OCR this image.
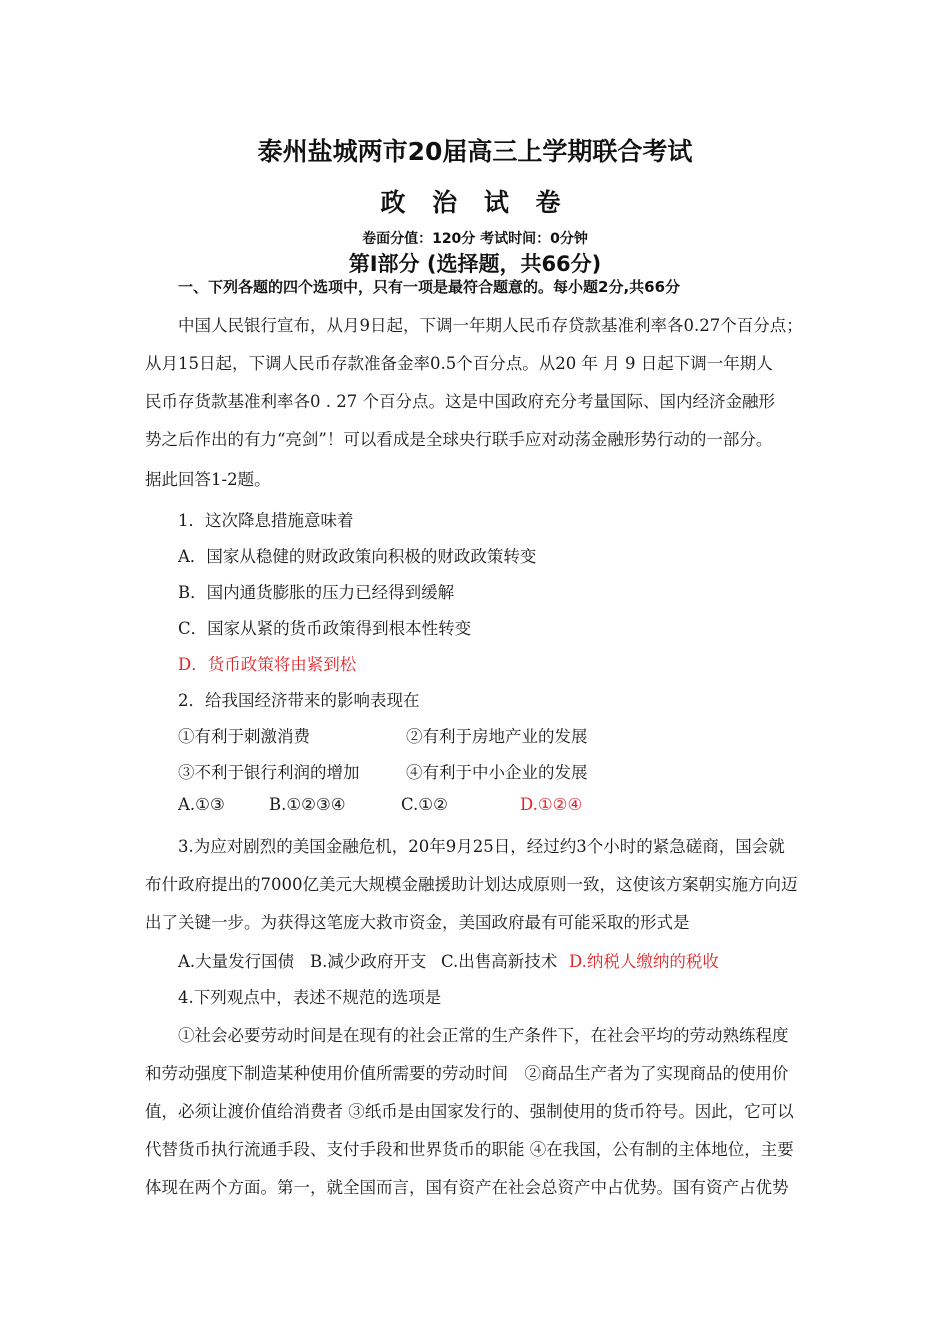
泰州盐城两市20届高三上学期联合考试
政 治 试 卷
卷面分值：120分 考试时间：0分钟
第Ⅰ部分 (选择题，共66分)
一、下列各题的四个选项中，只有一项是最符合题意的。每小题2分,共66分
中国人民银行宣布，从月9日起，下调一年期人民币存贷款基准利率各0.27个百分点；
从月15日起，下调人民币存款准备金率0.5个百分点。从20 年 月 9 日起下调一年期人
民币存货款基准利率各0 . 27 个百分点。这是中国政府充分考量国际、国内经济金融形
势之后作出的有力“亮剑”！可以看成是全球央行联手应对动荡金融形势行动的一部分。
据此回答1-2题。
1．这次降息措施意味着
A．国家从稳健的财政政策向积极的财政政策转变
B．国内通货膨胀的压力已经得到缓解
C．国家从紧的货币政策得到根本性转变
D．货币政策将由紧到松
2．给我国经济带来的影响表现在
①有利于刺激消费	②有利于房地产业的发展
③不利于银行利润的增加	④有利于中小企业的发展
A.①③	B.①②③④	C.①②	D.①②④
3.为应对剧烈的美国金融危机，20年9月25日，经过约3个小时的紧急磋商，国会就
布什政府提出的7000亿美元大规模金融援助计划达成原则一致，这使该方案朝实施方向迈
出了关键一步。为获得这笔庞大救市资金，美国政府最有可能采取的形式是
A.大量发行国债 B.减少政府开支 C.出售高新技术 D.纳税人缴纳的税收
4.下列观点中，表述不规范的选项是
①社会必要劳动时间是在现有的社会正常的生产条件下，在社会平均的劳动熟练程度
和劳动强度下制造某种使用价值所需要的劳动时间　②商品生产者为了实现商品的使用价
值，必须让渡价值给消费者 ③纸币是由国家发行的、强制使用的货币符号。因此，它可以
代替货币执行流通手段、支付手段和世界货币的职能 ④在我国，公有制的主体地位，主要
体现在两个方面。第一，就全国而言，国有资产在社会总资产中占优势。国有资产占优势
